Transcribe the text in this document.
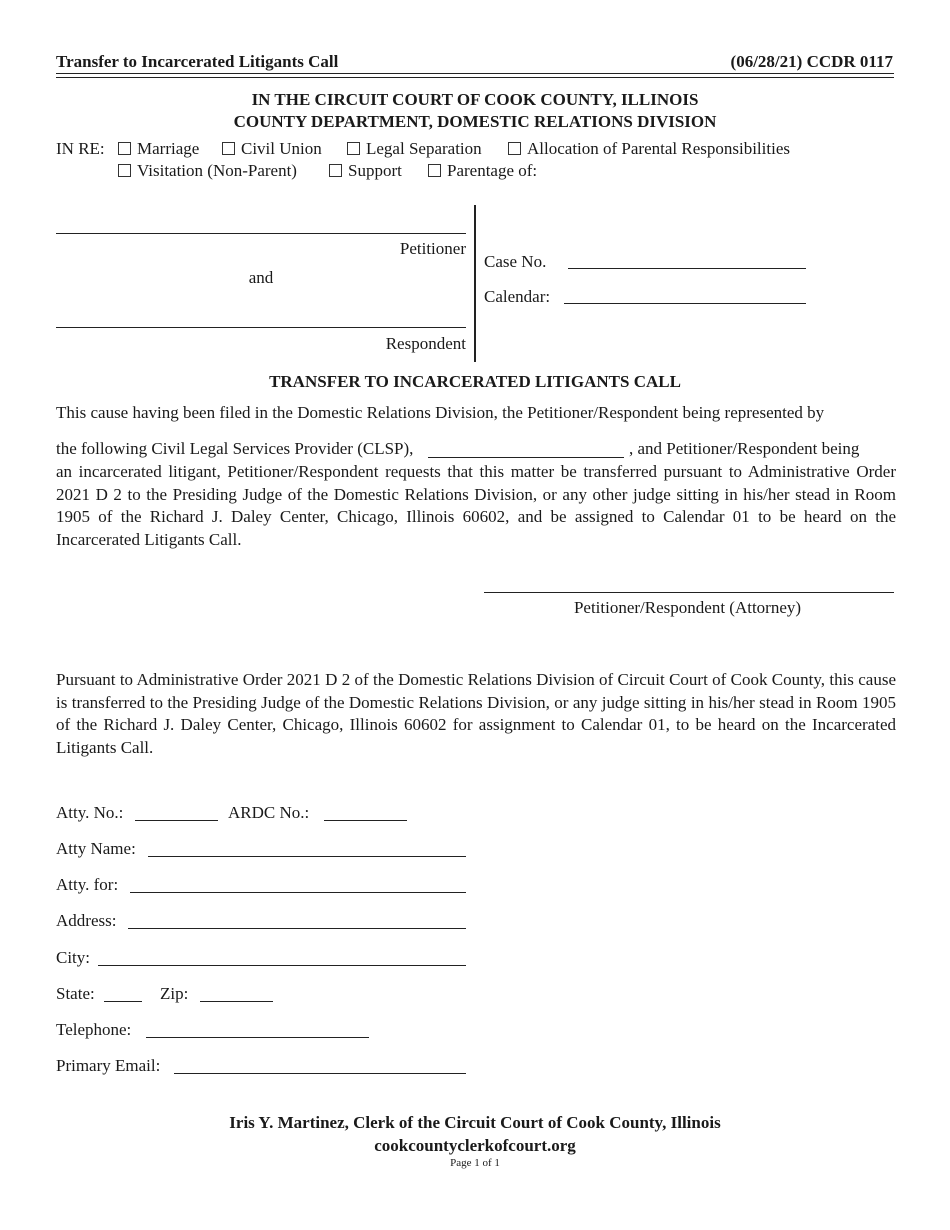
Transfer to Incarcerated Litigants Call	(06/28/21) CCDR 0117
IN THE CIRCUIT COURT OF COOK COUNTY, ILLINOIS
COUNTY DEPARTMENT, DOMESTIC RELATIONS DIVISION
IN RE:	Marriage	Civil Union	Legal Separation	Allocation of Parental Responsibilities
Visitation (Non-Parent)	Support	Parentage of:
Petitioner
and
Respondent
Case No.
Calendar:
TRANSFER TO INCARCERATED LITIGANTS CALL
This cause having been filed in the Domestic Relations Division, the Petitioner/Respondent being represented by
the following Civil Legal Services Provider (CLSP),	, and Petitioner/Respondent being
an incarcerated litigant, Petitioner/Respondent requests that this matter be transferred pursuant to Administrative Order 2021 D 2 to the Presiding Judge of the Domestic Relations Division, or any other judge sitting in his/her stead in Room 1905 of the Richard J. Daley Center, Chicago, Illinois 60602, and be assigned to Calendar 01 to be heard on the Incarcerated Litigants Call.
Petitioner/Respondent (Attorney)
Pursuant to Administrative Order 2021 D 2 of the Domestic Relations Division of Circuit Court of Cook County, this cause is transferred to the Presiding Judge of the Domestic Relations Division, or any judge sitting in his/her stead in Room 1905 of the Richard J. Daley Center, Chicago, Illinois 60602 for assignment to Calendar 01, to be heard on the Incarcerated Litigants Call.
Atty. No.:	ARDC No.:
Atty Name:
Atty. for:
Address:
City:
State:	Zip:
Telephone:
Primary Email:
Iris Y. Martinez, Clerk of the Circuit Court of Cook County, Illinois
cookcountyclerkofcourt.org
Page 1 of 1
